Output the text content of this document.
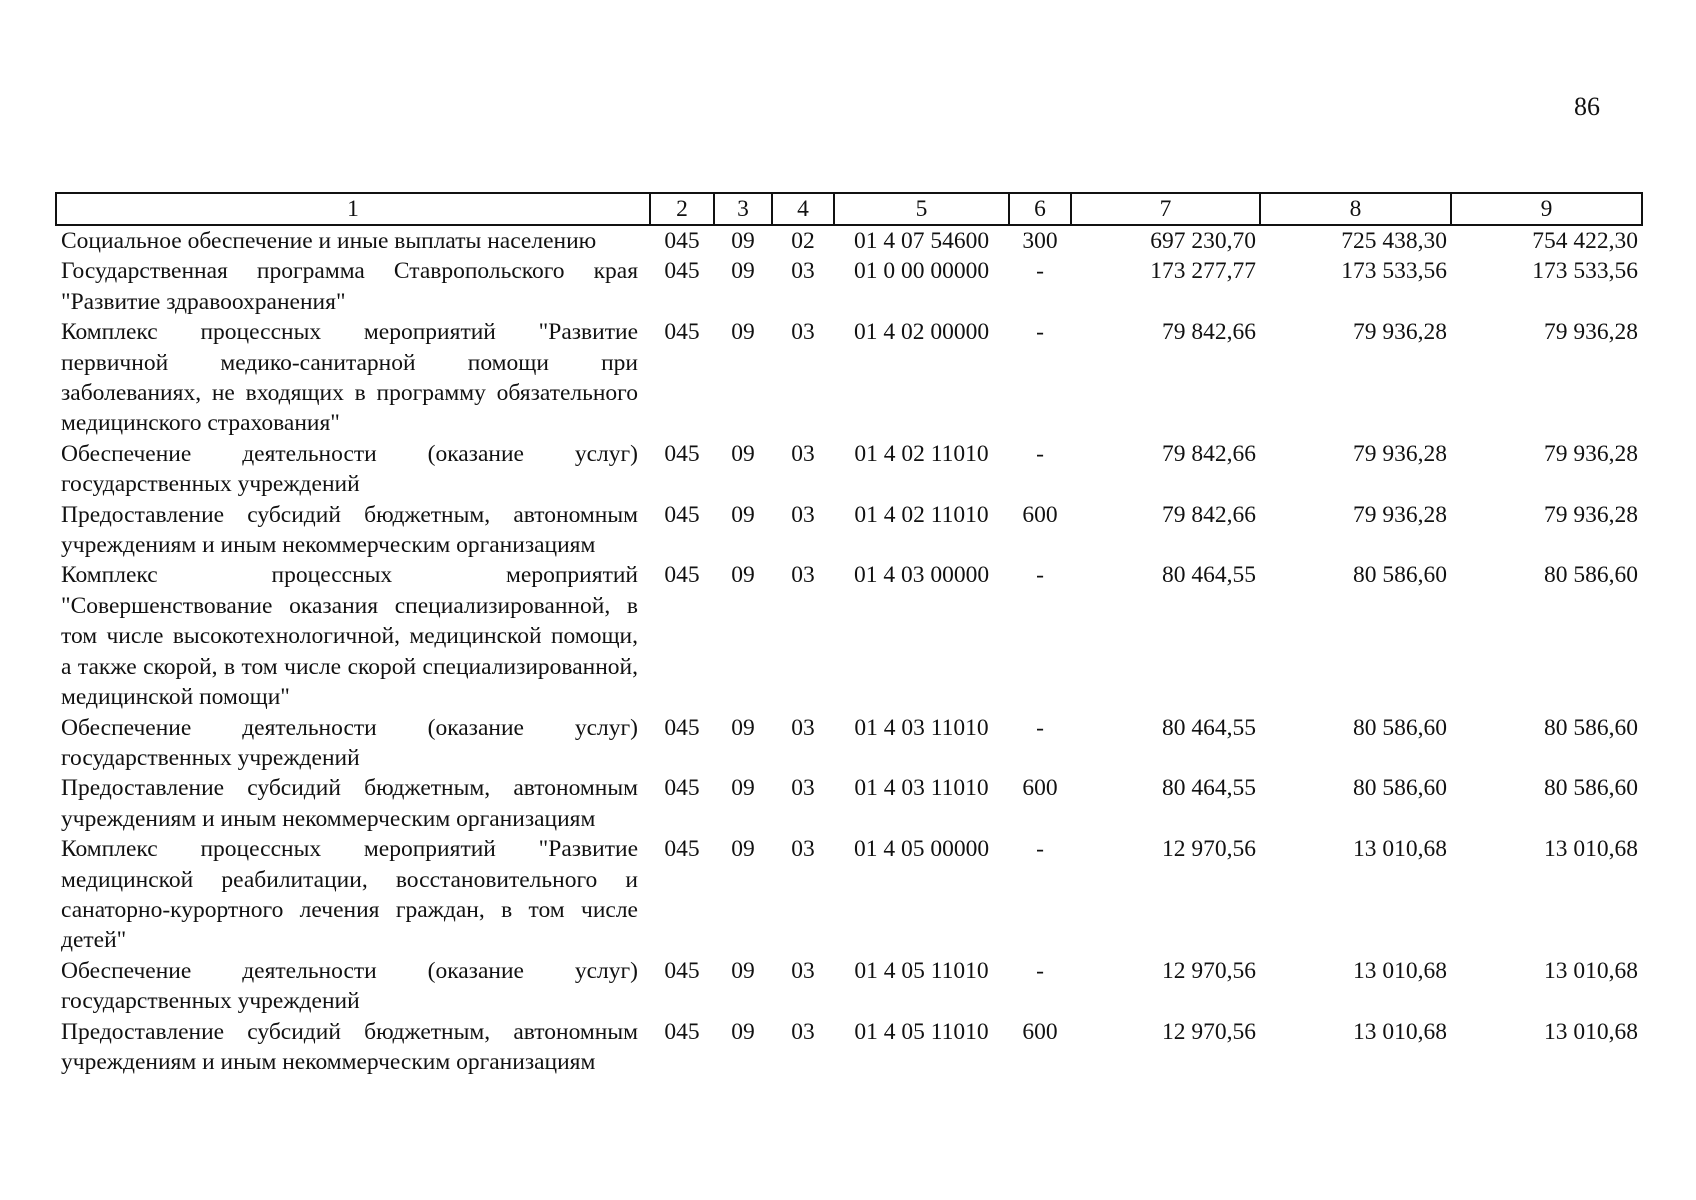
86
1	2	3	4	5	6	7	8	9
Социальное обеспечение и иные выплаты населению	045	09	02	01 4 07 54600	300	697 230,70	725 438,30	754 422,30
Государственная программа Ставропольского края "Развитие здравоохранения"	045	09	03	01 0 00 00000	-	173 277,77	173 533,56	173 533,56
Комплекс процессных мероприятий "Развитие первичной медико-санитарной помощи при заболеваниях, не входящих в программу обязательного медицинского страхования"	045	09	03	01 4 02 00000	-	79 842,66	79 936,28	79 936,28
Обеспечение деятельности (оказание услуг) государственных учреждений	045	09	03	01 4 02 11010	-	79 842,66	79 936,28	79 936,28
Предоставление субсидий бюджетным, автономным учреждениям и иным некоммерческим организациям	045	09	03	01 4 02 11010	600	79 842,66	79 936,28	79 936,28
Комплекс процессных мероприятий "Совершенствование оказания специализированной, в том числе высокотехнологичной, медицинской помощи, а также скорой, в том числе скорой специализированной, медицинской помощи"	045	09	03	01 4 03 00000	-	80 464,55	80 586,60	80 586,60
Обеспечение деятельности (оказание услуг) государственных учреждений	045	09	03	01 4 03 11010	-	80 464,55	80 586,60	80 586,60
Предоставление субсидий бюджетным, автономным учреждениям и иным некоммерческим организациям	045	09	03	01 4 03 11010	600	80 464,55	80 586,60	80 586,60
Комплекс процессных мероприятий "Развитие медицинской реабилитации, восстановительного и санаторно-курортного лечения граждан, в том числе детей"	045	09	03	01 4 05 00000	-	12 970,56	13 010,68	13 010,68
Обеспечение деятельности (оказание услуг) государственных учреждений	045	09	03	01 4 05 11010	-	12 970,56	13 010,68	13 010,68
Предоставление субсидий бюджетным, автономным учреждениям и иным некоммерческим организациям	045	09	03	01 4 05 11010	600	12 970,56	13 010,68	13 010,68
